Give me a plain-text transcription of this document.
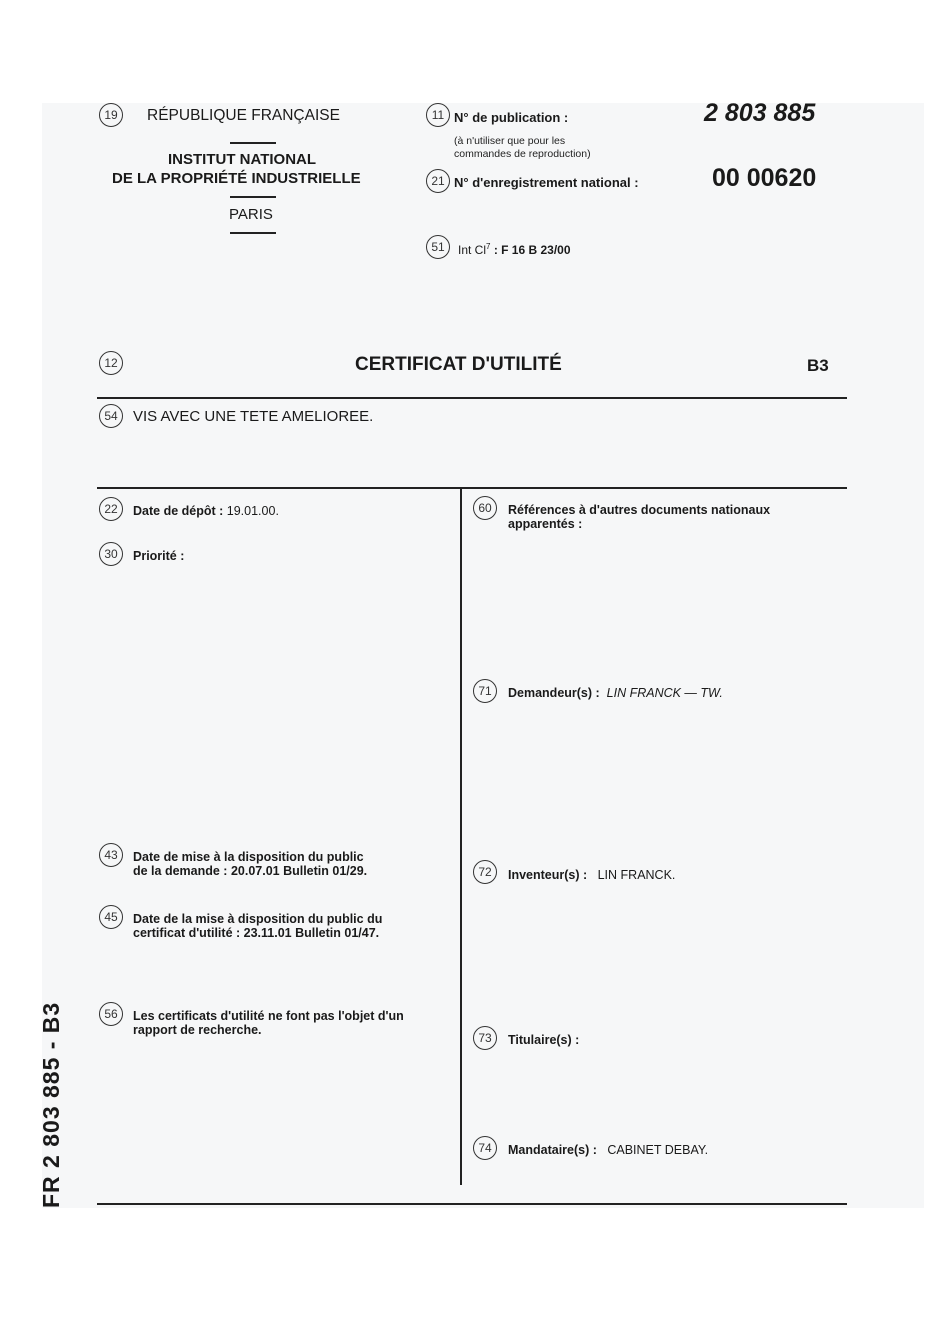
19	RÉPUBLIQUE FRANÇAISE
INSTITUT NATIONAL
DE LA PROPRIÉTÉ INDUSTRIELLE
PARIS
11 N° de publication :
(à n'utiliser que pour les
commandes de reproduction)
2 803 885
21 N° d'enregistrement national :	00 00620
51	Int Cl$^7$ : F 16 B 23/00
12	CERTIFICAT D'UTILITÉ	B3
54	VIS AVEC UNE TETE AMELIOREE.
22	Date de dépôt : 19.01.00.
30	Priorité :
43	Date de mise à la disposition du public
de la demande : 20.07.01 Bulletin 01/29.
45	Date de la mise à disposition du public du
certificat d'utilité : 23.11.01 Bulletin 01/47.
56	Les certificats d'utilité ne font pas l'objet d'un
rapport de recherche.
60	Références à d'autres documents nationaux
apparentés :
71	Demandeur(s) : LIN FRANCK — TW.
72	Inventeur(s) : LIN FRANCK.
73	Titulaire(s) :
74	Mandataire(s) : CABINET DEBAY.
FR 2 803 885 - B3
